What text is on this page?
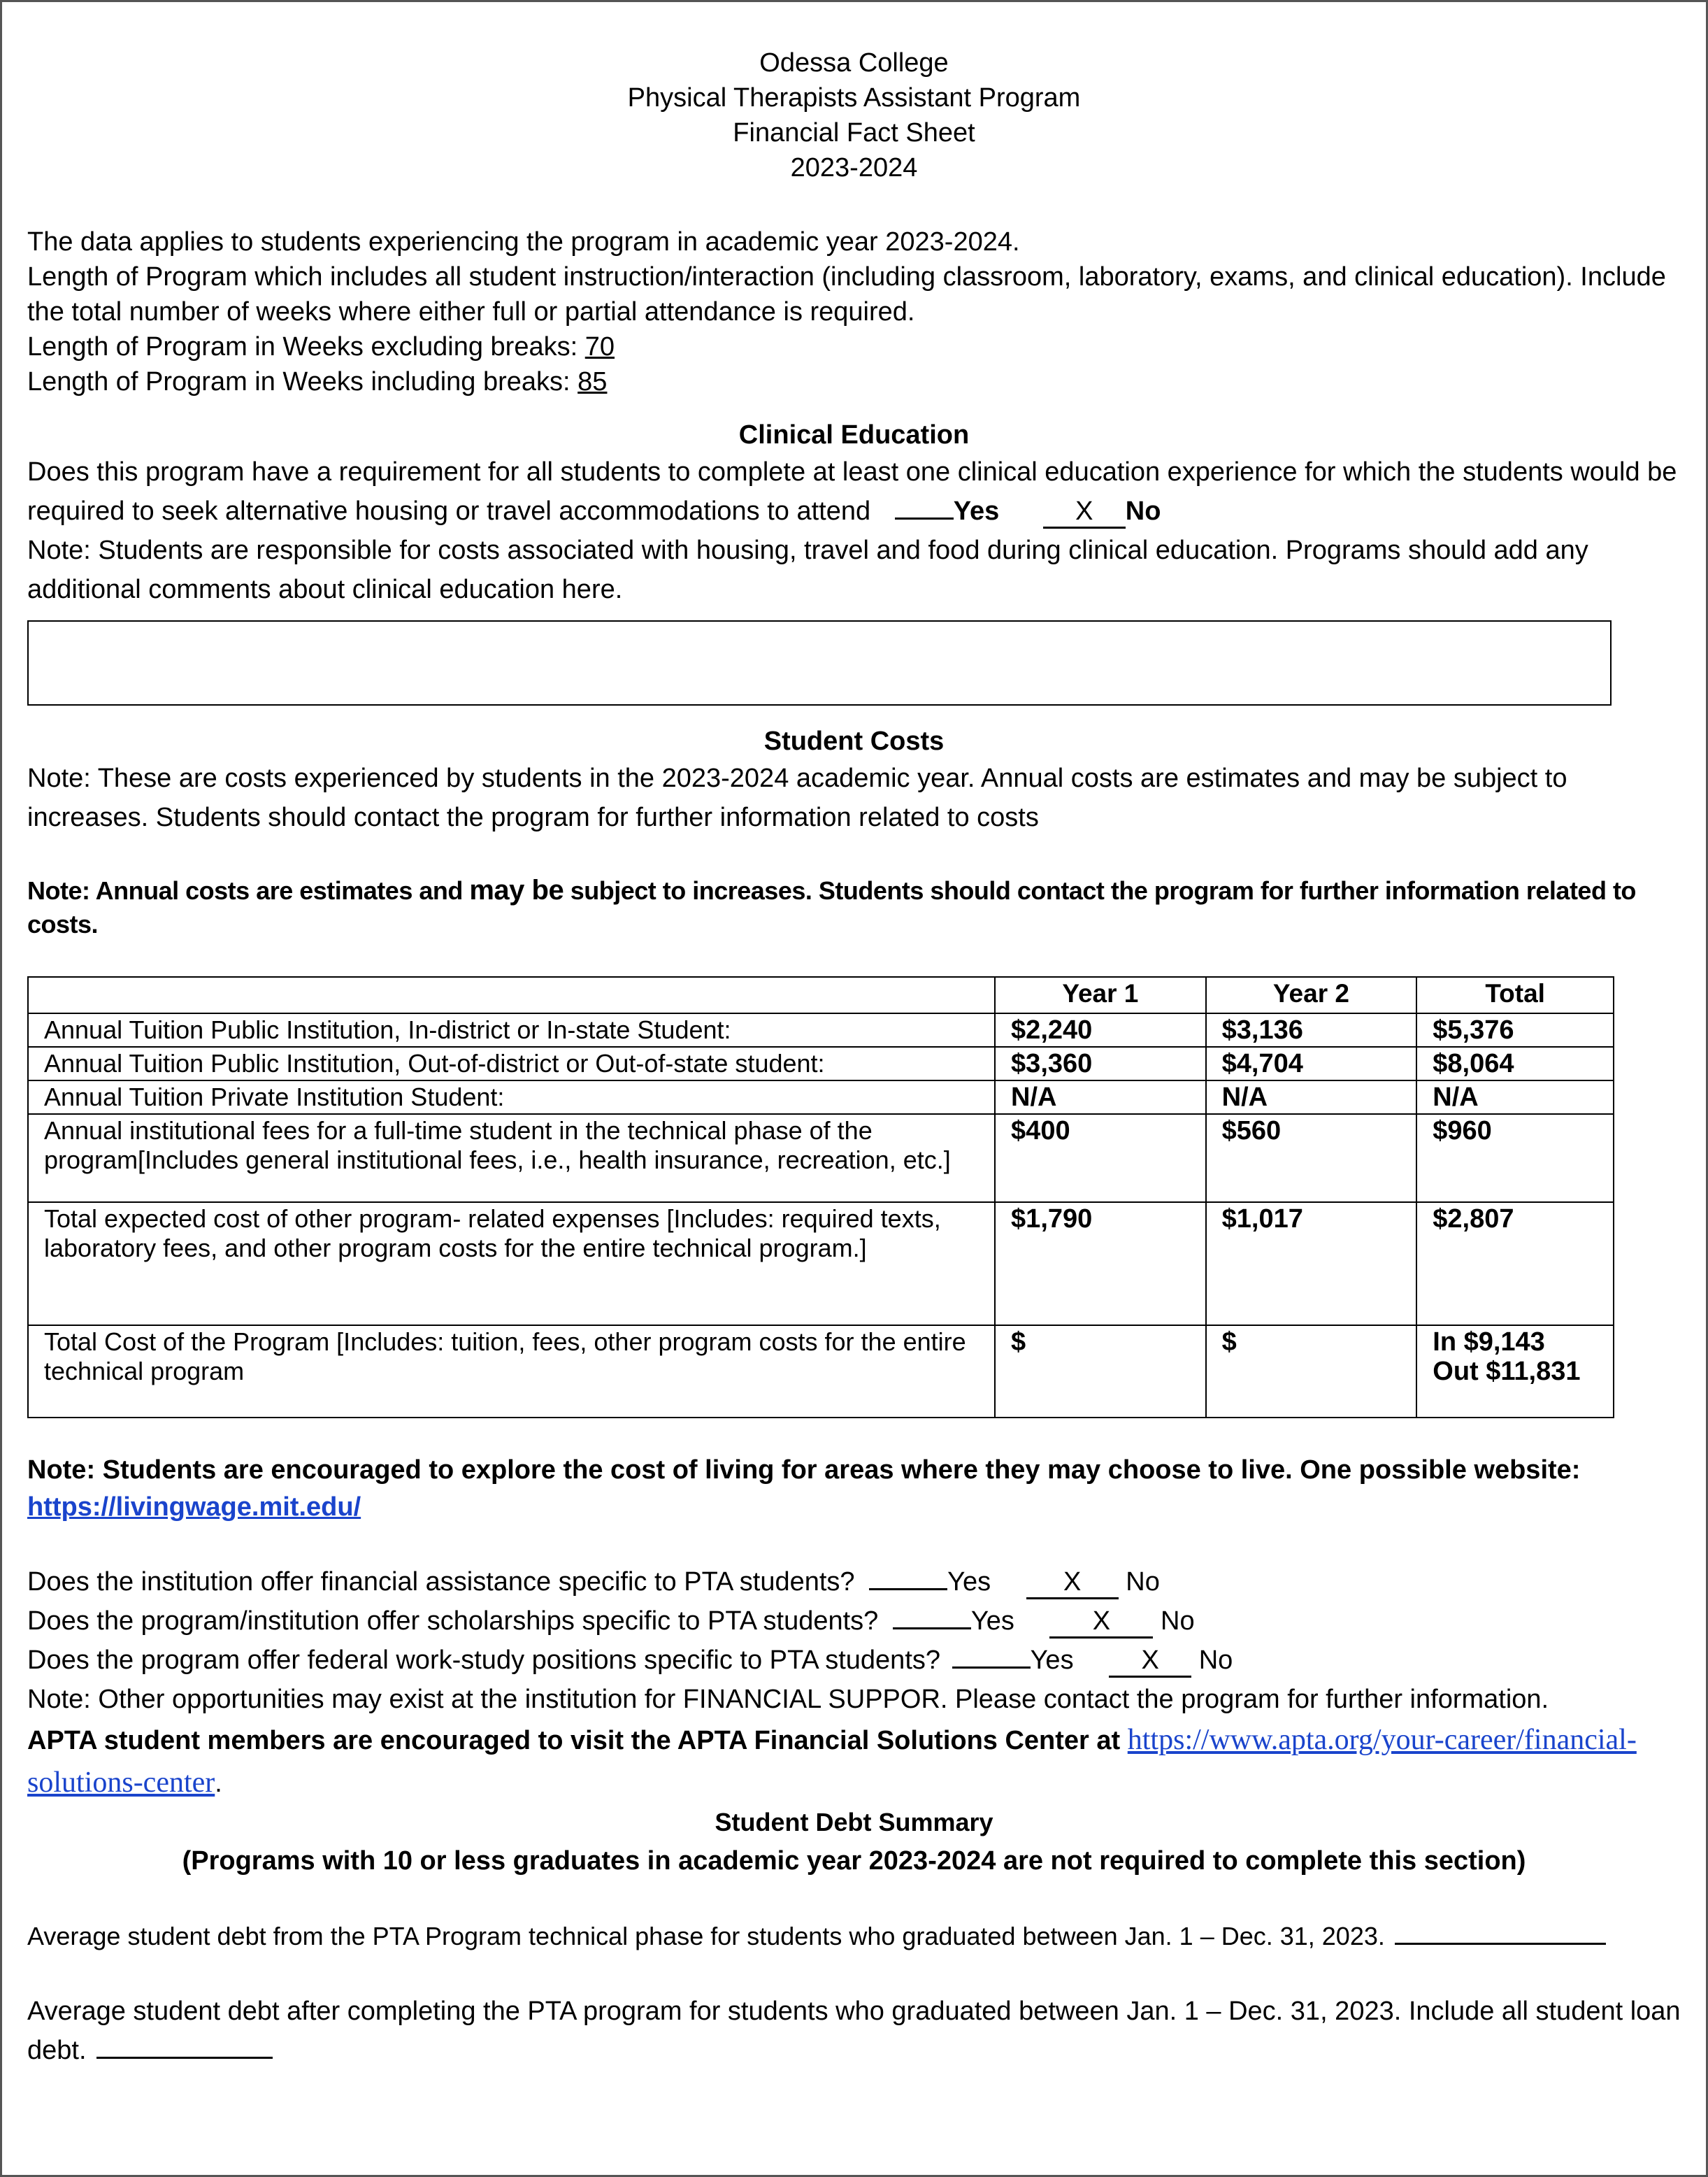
Odessa College

Physical Therapists Assistant Program

Financial Fact Sheet

2023-2024

The data applies to students experiencing the program in academic year 2023-2024.

Length of Program which includes all student instruction/interaction (including classroom, laboratory, exams, and clinical education). Include the total number of weeks where either full or partial attendance is required.

Length of Program in Weeks excluding breaks: 70

Length of Program in Weeks including breaks: 85

Clinical Education

Does this program have a requirement for all students to complete at least one clinical education experience for which the students would be required to seek alternative housing or travel accommodations to attend	Yes	X No

Note: Students are responsible for costs associated with housing, travel and food during clinical education. Programs should add any additional comments about clinical education here.

Student Costs

Note: These are costs experienced by students in the 2023-2024 academic year. Annual costs are estimates and may be subject to increases. Students should contact the program for further information related to costs

Note: Annual costs are estimates and may be subject to increases. Students should contact the program for further information related to costs.

	Year 1	Year 2	Total
Annual Tuition Public Institution, In-district or In-state Student:	$2,240	$3,136	$5,376
Annual Tuition Public Institution, Out-of-district or Out-of-state student:	$3,360	$4,704	$8,064
Annual Tuition Private Institution Student:	N/A	N/A	N/A
Annual institutional fees for a full-time student in the technical phase of the program[Includes general institutional fees, i.e., health insurance, recreation, etc.]	$400	$560	$960
Total expected cost of other program- related expenses [Includes: required texts, laboratory fees, and other program costs for the entire technical program.]	$1,790	$1,017	$2,807
Total Cost of the Program [Includes: tuition, fees, other program costs for the entire technical program	$	$	In $9,143
Out $11,831

Note: Students are encouraged to explore the cost of living for areas where they may choose to live. One possible website:

https://livingwage.mit.edu/

Does the institution offer financial assistance specific to PTA students?	Yes	X No

Does the program/institution offer scholarships specific to PTA students?	Yes	X No

Does the program offer federal work-study positions specific to PTA students?	Yes	X No

Note: Other opportunities may exist at the institution for FINANCIAL SUPPOR. Please contact the program for further information.

APTA student members are encouraged to visit the APTA Financial Solutions Center at https://www.apta.org/your-career/financial-solutions-center.

Student Debt Summary

(Programs with 10 or less graduates in academic year 2023-2024 are not required to complete this section)

Average student debt from the PTA Program technical phase for students who graduated between Jan. 1 – Dec. 31, 2023.

Average student debt after completing the PTA program for students who graduated between Jan. 1 – Dec. 31, 2023. Include all student loan debt.
